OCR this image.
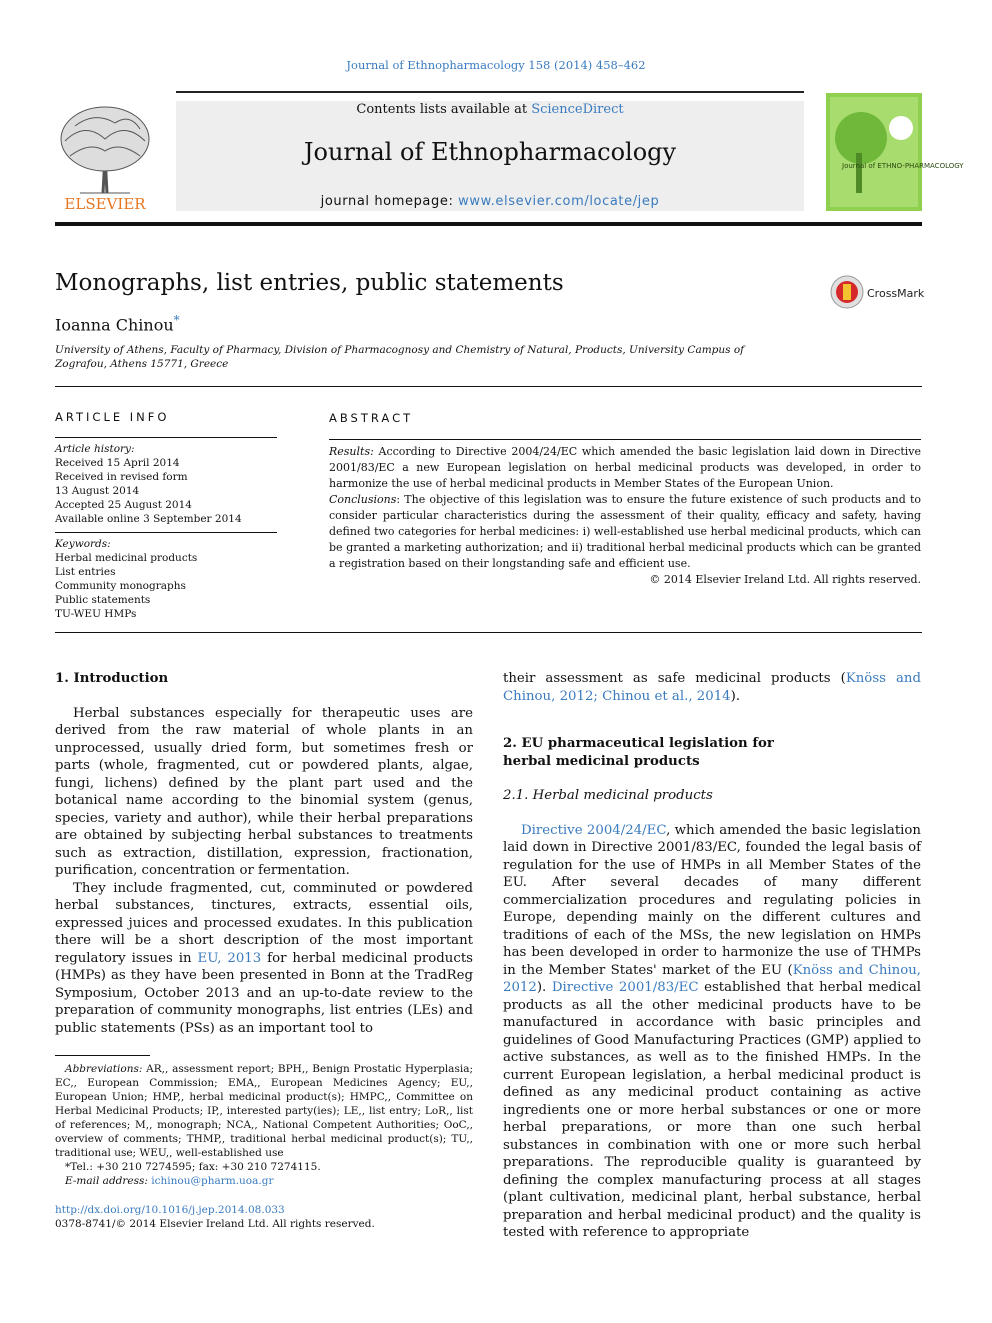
Journal of Ethnopharmacology 158 (2014) 458–462
ELSEVIER
Contents lists available at ScienceDirect
Journal of Ethnopharmacology
journal homepage: www.elsevier.com/locate/jep
Journal of ETHNO-PHARMACOLOGY
Monographs, list entries, public statements	CrossMark
Ioanna Chinou*
University of Athens, Faculty of Pharmacy, Division of Pharmacognosy and Chemistry of Natural, Products, University Campus of Zografou, Athens 15771, Greece
ARTICLE INFO
Article history:
Received 15 April 2014
Received in revised form
13 August 2014
Accepted 25 August 2014
Available online 3 September 2014
Keywords:
Herbal medicinal products
List entries
Community monographs
Public statements
TU-WEU HMPs
ABSTRACT
Results: According to Directive 2004/24/EC which amended the basic legislation laid down in Directive 2001/83/EC a new European legislation on herbal medicinal products was developed, in order to harmonize the use of herbal medicinal products in Member States of the European Union.
Conclusions: The objective of this legislation was to ensure the future existence of such products and to consider particular characteristics during the assessment of their quality, efficacy and safety, having defined two categories for herbal medicines: i) well-established use herbal medicinal products, which can be granted a marketing authorization; and ii) traditional herbal medicinal products which can be granted a registration based on their longstanding safe and efficient use.
© 2014 Elsevier Ireland Ltd. All rights reserved.
1. Introduction

Herbal substances especially for therapeutic uses are derived from the raw material of whole plants in an unprocessed, usually dried form, but sometimes fresh or parts (whole, fragmented, cut or powdered plants, algae, fungi, lichens) defined by the plant part used and the botanical name according to the binomial system (genus, species, variety and author), while their herbal preparations are obtained by subjecting herbal substances to treatments such as extraction, distillation, expression, fractionation, purification, concentration or fermentation.

They include fragmented, cut, comminuted or powdered herbal substances, tinctures, extracts, essential oils, expressed juices and processed exudates. In this publication there will be a short description of the most important regulatory issues in EU, 2013 for herbal medicinal products (HMPs) as they have been presented in Bonn at the TradReg Symposium, October 2013 and an up-to-date review to the preparation of community monographs, list entries (LEs) and public statements (PSs) as an important tool to

their assessment as safe medicinal products (Knöss and Chinou, 2012; Chinou et al., 2014).

2. EU pharmaceutical legislation for herbal medicinal products
2.1. Herbal medicinal products

Directive 2004/24/EC, which amended the basic legislation laid down in Directive 2001/83/EC, founded the legal basis of regulation for the use of HMPs in all Member States of the EU. After several decades of many different commercialization procedures and regulating policies in Europe, depending mainly on the different cultures and traditions of each of the MSs, the new legislation on HMPs has been developed in order to harmonize the use of THMPs in the Member States' market of the EU (Knöss and Chinou, 2012). Directive 2001/83/EC established that herbal medical products as all the other medicinal products have to be manufactured in accordance with basic principles and guidelines of Good Manufacturing Practices (GMP) applied to active substances, as well as to the finished HMPs. In the current European legislation, a herbal medicinal product is defined as any medicinal product containing as active ingredients one or more herbal substances or one or more herbal preparations, or more than one such herbal substances in combination with one or more such herbal preparations. The reproducible quality is guaranteed by defining the complex manufacturing process at all stages (plant cultivation, medicinal plant, herbal substance, herbal preparation and herbal medicinal product) and the quality is tested with reference to appropriate

Abbreviations: AR,, assessment report; BPH,, Benign Prostatic Hyperplasia; EC,, European Commission; EMA,, European Medicines Agency; EU,, European Union; HMP,, herbal medicinal product(s); HMPC,, Committee on Herbal Medicinal Products; IP,, interested party(ies); LE,, list entry; LoR,, list of references; M,, monograph; NCA,, National Competent Authorities; OoC,, overview of comments; THMP,, traditional herbal medicinal product(s); TU,, traditional use; WEU,, well-established use
*Tel.: +30 210 7274595; fax: +30 210 7274115.
E-mail address: ichinou@pharm.uoa.gr
http://dx.doi.org/10.1016/j.jep.2014.08.033
0378-8741/© 2014 Elsevier Ireland Ltd. All rights reserved.
